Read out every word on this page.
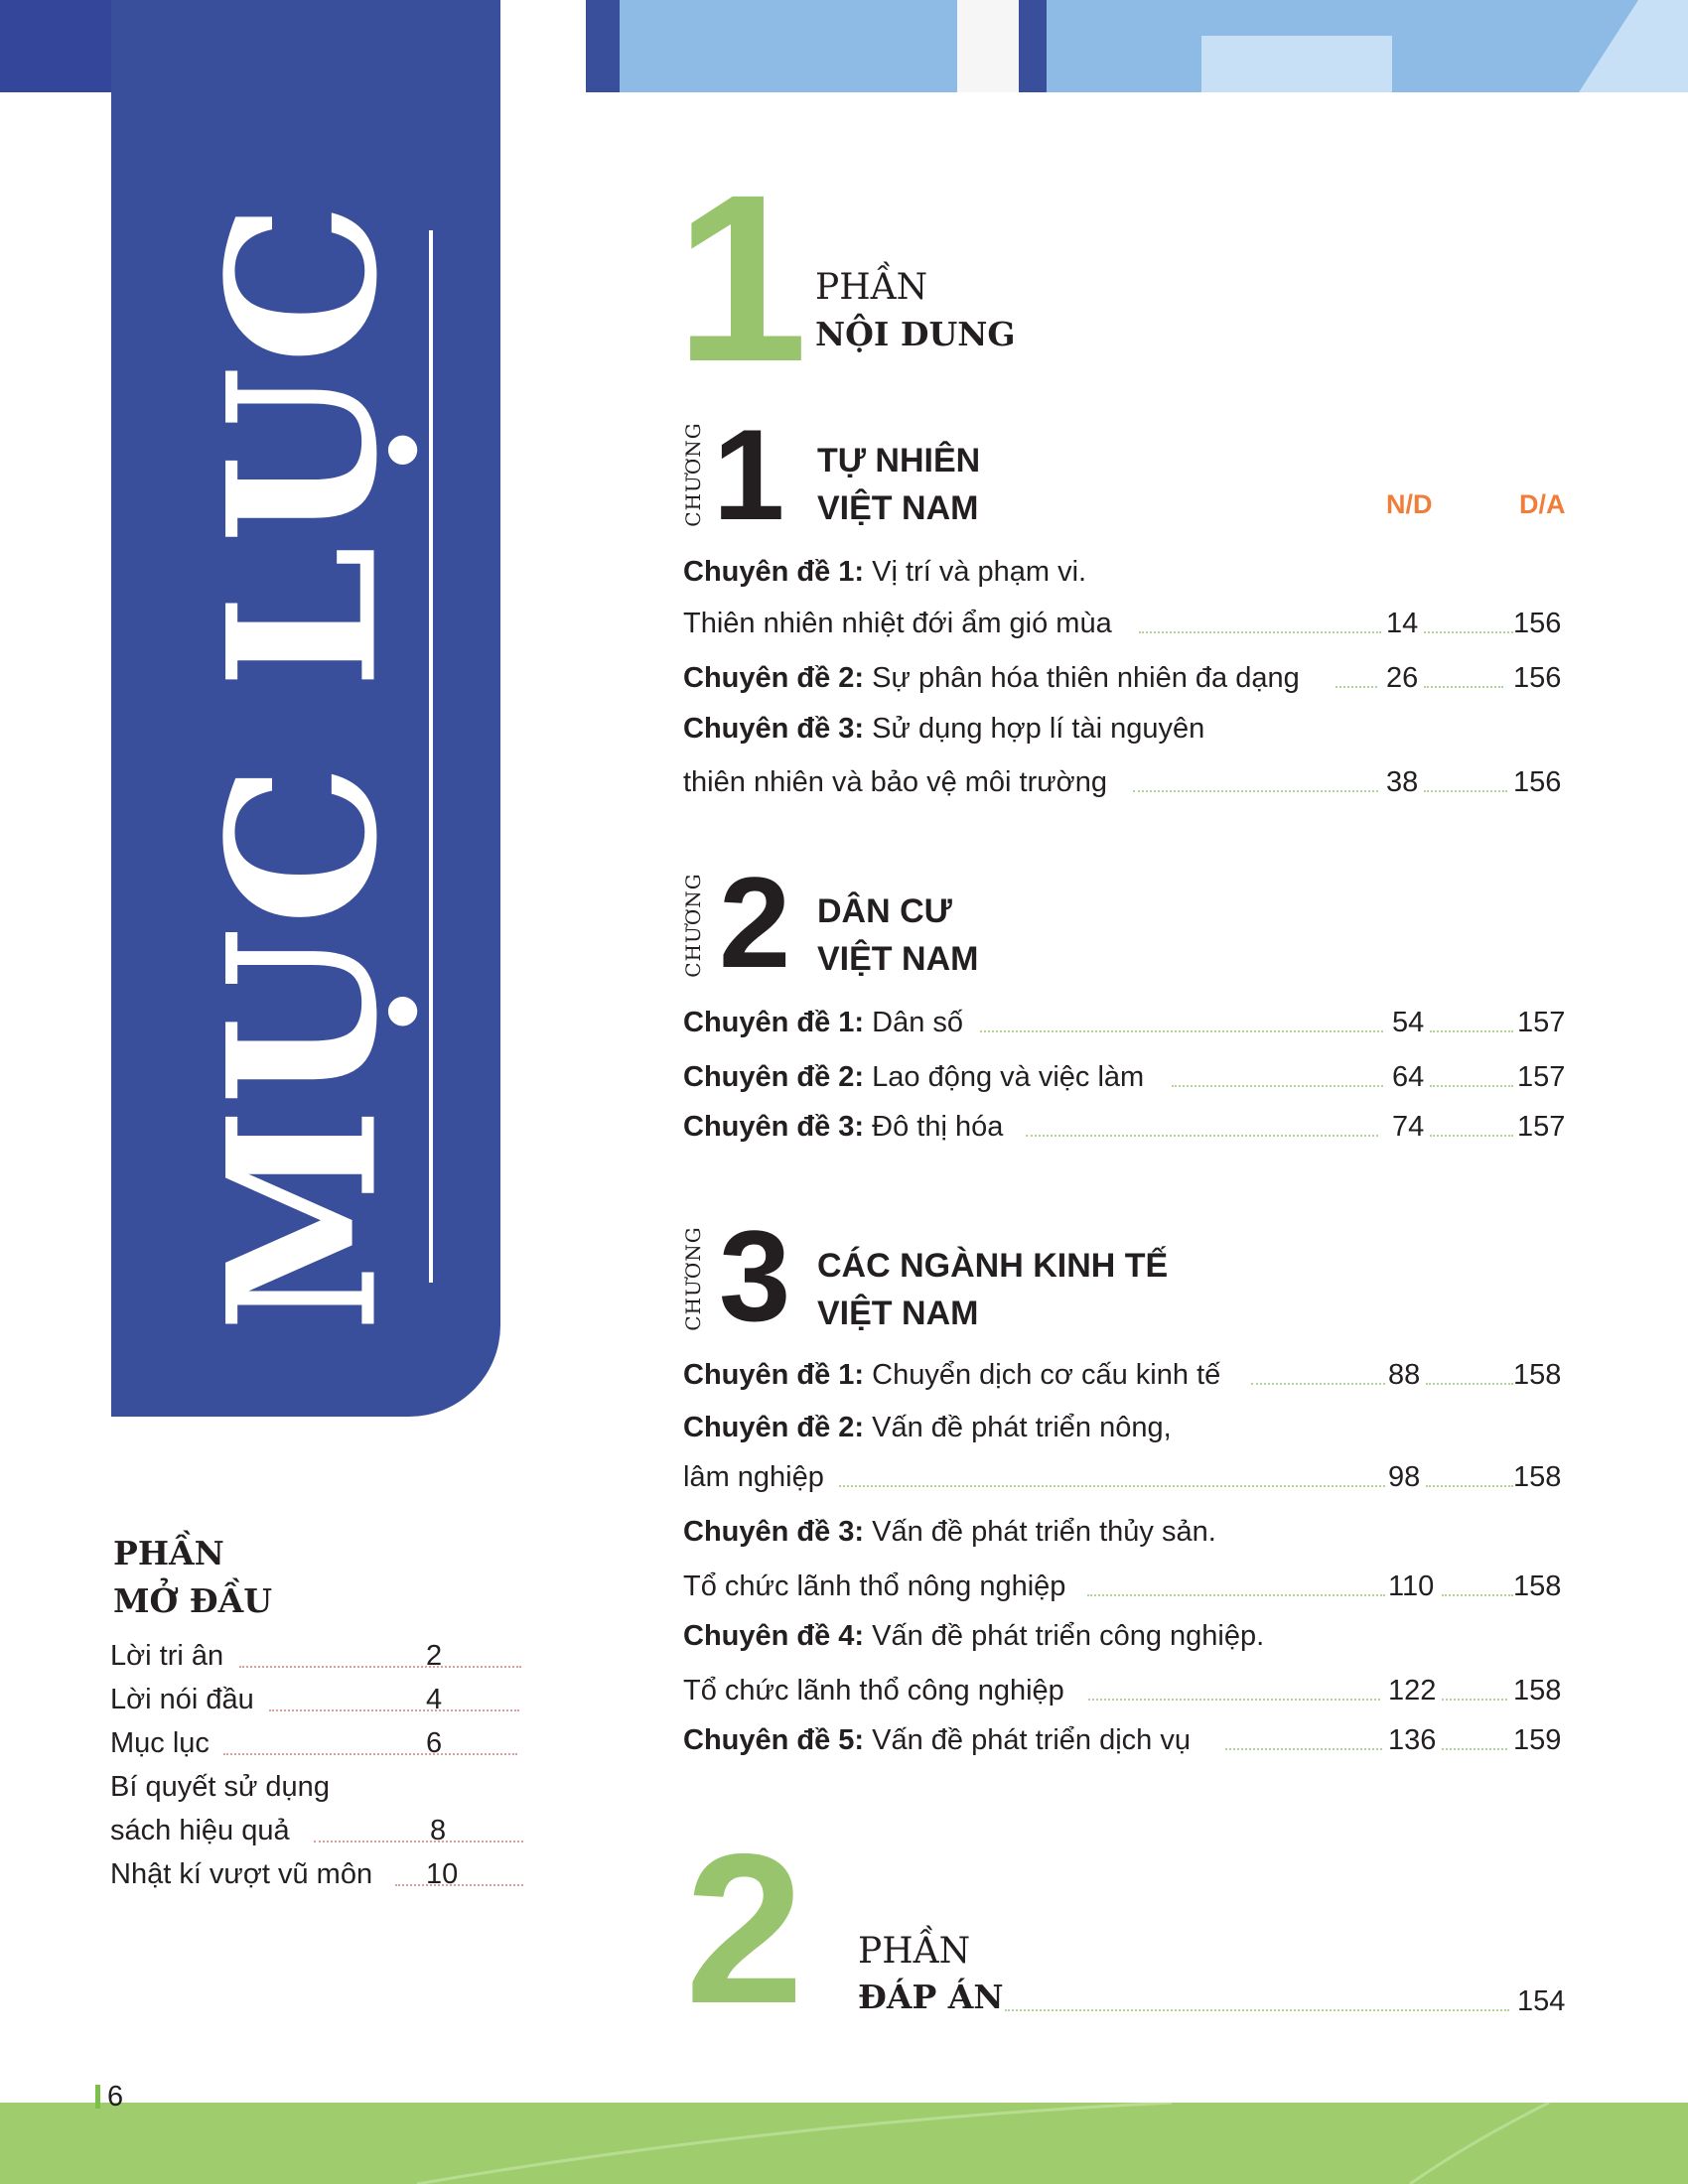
MỤC LỤC
PHẦN
MỞ ĐẦU
Lời tri ân	2
Lời nói đầu	4
Mục lục	6
Bí quyết sử dụng
sách hiệu quả	8
Nhật kí vượt vũ môn 10
1 PHẦN
NỘI DUNG
N/D	D/A
CHƯƠNG 1 TỰ NHIÊN
VIỆT NAM
Chuyên đề 1: Vị trí và phạm vi.
Thiên nhiên nhiệt đới ẩm gió mùa	14	156
Chuyên đề 2: Sự phân hóa thiên nhiên đa dạng	26	156
Chuyên đề 3: Sử dụng hợp lí tài nguyên
thiên nhiên và bảo vệ môi trường	38	156
CHƯƠNG 2 DÂN CƯ
VIỆT NAM
Chuyên đề 1: Dân số	54	157
Chuyên đề 2: Lao động và việc làm	64	157
Chuyên đề 3: Đô thị hóa	74	157
CHƯƠNG 3 CÁC NGÀNH KINH TẾ
VIỆT NAM
Chuyên đề 1: Chuyển dịch cơ cấu kinh tế	88	158
Chuyên đề 2: Vấn đề phát triển nông,
lâm nghiệp	98	158
Chuyên đề 3: Vấn đề phát triển thủy sản.
Tổ chức lãnh thổ nông nghiệp	110	158
Chuyên đề 4: Vấn đề phát triển công nghiệp.
Tổ chức lãnh thổ công nghiệp	122	158
Chuyên đề 5: Vấn đề phát triển dịch vụ	136	159
2 PHẦN
ĐÁP ÁN	154
6
